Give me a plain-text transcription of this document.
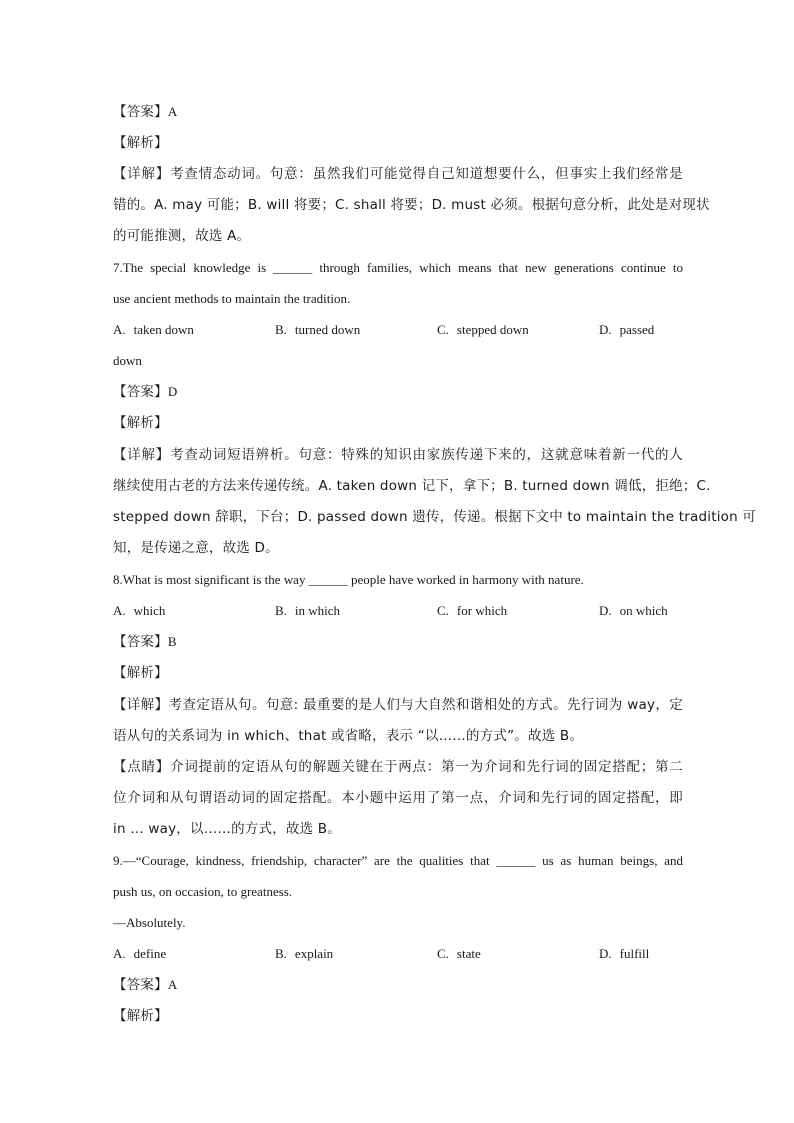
【答案】A
【解析】
【详解】考查情态动词。句意：虽然我们可能觉得自己知道想要什么，但事实上我们经常是
错的。A. may 可能；B. will 将要；C. shall 将要；D. must 必须。根据句意分析，此处是对现状
的可能推测，故选 A。
7.The special knowledge is ______ through families, which means that new generations continue to
use ancient methods to maintain the tradition.
A. taken down	B. turned down	C. stepped down	D. passed
down
【答案】D
【解析】
【详解】考查动词短语辨析。句意：特殊的知识由家族传递下来的，这就意味着新一代的人
继续使用古老的方法来传递传统。A. taken down 记下，拿下；B. turned down 调低，拒绝；C.
stepped down 辞职，下台；D. passed down 遗传，传递。根据下文中 to maintain the tradition 可
知，是传递之意，故选 D。
8.What is most significant is the way ______ people have worked in harmony with nature.
A. which	B. in which	C. for which	D. on which
【答案】B
【解析】
【详解】考查定语从句。句意: 最重要的是人们与大自然和谐相处的方式。先行词为 way，定
语从句的关系词为 in which、that 或省略，表示 “以……的方式”。故选 B。
【点睛】介词提前的定语从句的解题关键在于两点：第一为介词和先行词的固定搭配；第二
位介词和从句谓语动词的固定搭配。本小题中运用了第一点，介词和先行词的固定搭配，即
in … way，以……的方式，故选 B。
9.—“Courage, kindness, friendship, character” are the qualities that ______ us as human beings, and
push us, on occasion, to greatness.
—Absolutely.
A. define	B. explain	C. state	D. fulfill
【答案】A
【解析】
